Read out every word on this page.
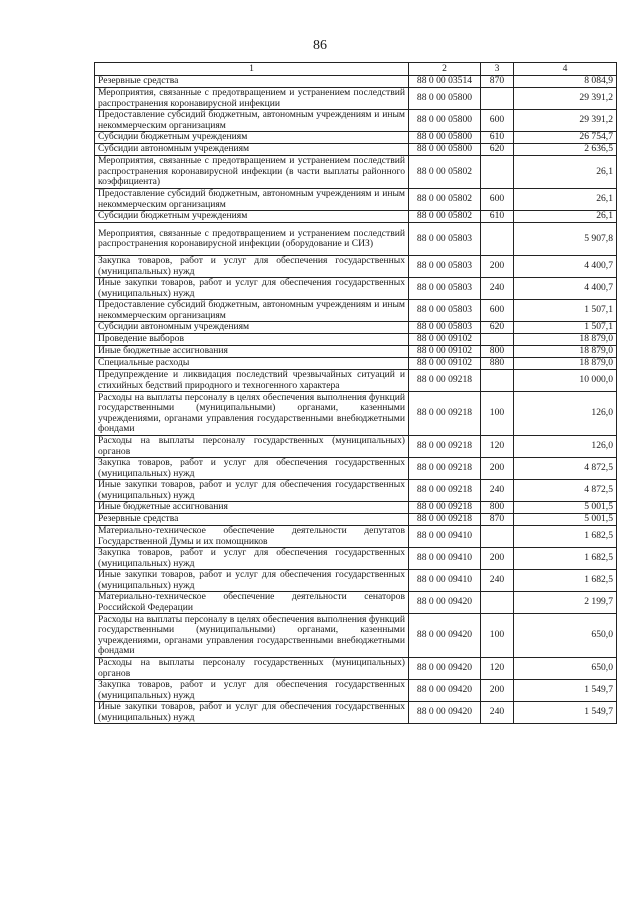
86
1	2	3	4
Резервные средства	88 0 00 03514	870	8 084,9
Мероприятия, связанные с предотвращением и устранением последствий распространения коронавирусной инфекции	88 0 00 05800		29 391,2
Предоставление субсидий бюджетным, автономным учреждениям и иным некоммерческим организациям	88 0 00 05800	600	29 391,2
Субсидии бюджетным учреждениям	88 0 00 05800	610	26 754,7
Субсидии автономным учреждениям	88 0 00 05800	620	2 636,5
Мероприятия, связанные с предотвращением и устранением последствий распространения коронавирусной инфекции (в части выплаты районного коэффициента)	88 0 00 05802		26,1
Предоставление субсидий бюджетным, автономным учреждениям и иным некоммерческим организациям	88 0 00 05802	600	26,1
Субсидии бюджетным учреждениям	88 0 00 05802	610	26,1
Мероприятия, связанные с предотвращением и устранением последствий распространения коронавирусной инфекции (оборудование и СИЗ)	88 0 00 05803		5 907,8
Закупка товаров, работ и услуг для обеспечения государственных (муниципальных) нужд	88 0 00 05803	200	4 400,7
Иные закупки товаров, работ и услуг для обеспечения государственных (муниципальных) нужд	88 0 00 05803	240	4 400,7
Предоставление субсидий бюджетным, автономным учреждениям и иным некоммерческим организациям	88 0 00 05803	600	1 507,1
Субсидии автономным учреждениям	88 0 00 05803	620	1 507,1
Проведение выборов	88 0 00 09102		18 879,0
Иные бюджетные ассигнования	88 0 00 09102	800	18 879,0
Специальные расходы	88 0 00 09102	880	18 879,0
Предупреждение и ликвидация последствий чрезвычайных ситуаций и стихийных бедствий природного и техногенного характера	88 0 00 09218		10 000,0
Расходы на выплаты персоналу в целях обеспечения выполнения функций государственными (муниципальными) органами, казенными учреждениями, органами управления государственными внебюджетными фондами	88 0 00 09218	100	126,0
Расходы на выплаты персоналу государственных (муниципальных) органов	88 0 00 09218	120	126,0
Закупка товаров, работ и услуг для обеспечения государственных (муниципальных) нужд	88 0 00 09218	200	4 872,5
Иные закупки товаров, работ и услуг для обеспечения государственных (муниципальных) нужд	88 0 00 09218	240	4 872,5
Иные бюджетные ассигнования	88 0 00 09218	800	5 001,5
Резервные средства	88 0 00 09218	870	5 001,5
Материально-техническое обеспечение деятельности депутатов Государственной Думы и их помощников	88 0 00 09410		1 682,5
Закупка товаров, работ и услуг для обеспечения государственных (муниципальных) нужд	88 0 00 09410	200	1 682,5
Иные закупки товаров, работ и услуг для обеспечения государственных (муниципальных) нужд	88 0 00 09410	240	1 682,5
Материально-техническое обеспечение деятельности сенаторов Российской Федерации	88 0 00 09420		2 199,7
Расходы на выплаты персоналу в целях обеспечения выполнения функций государственными (муниципальными) органами, казенными учреждениями, органами управления государственными внебюджетными фондами	88 0 00 09420	100	650,0
Расходы на выплаты персоналу государственных (муниципальных) органов	88 0 00 09420	120	650,0
Закупка товаров, работ и услуг для обеспечения государственных (муниципальных) нужд	88 0 00 09420	200	1 549,7
Иные закупки товаров, работ и услуг для обеспечения государственных (муниципальных) нужд	88 0 00 09420	240	1 549,7
